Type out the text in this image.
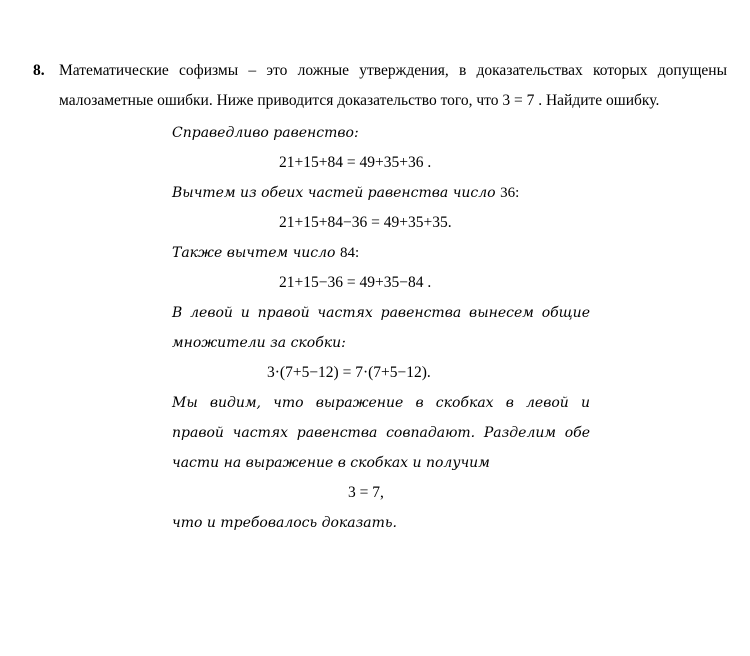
8. Математические софизмы – это ложные утверждения, в доказательствах которых допущены малозаметные ошибки. Ниже приводится доказательство того, что 3 = 7 . Найдите ошибку.
Справедливо равенство:
21+15+84 = 49+35+36 .
Вычтем из обеих частей равенства число 36:
21+15+84−36 = 49+35+35.
Также вычтем число 84:
21+15−36 = 49+35−84 .
В левой и правой частях равенства вынесем общие
множители за скобки:
3·(7+5−12) = 7·(7+5−12).
Мы видим, что выражение в скобках в левой и
правой частях равенства совпадают. Разделим обе
части на выражение в скобках и получим
3 = 7,
что и требовалось доказать.
